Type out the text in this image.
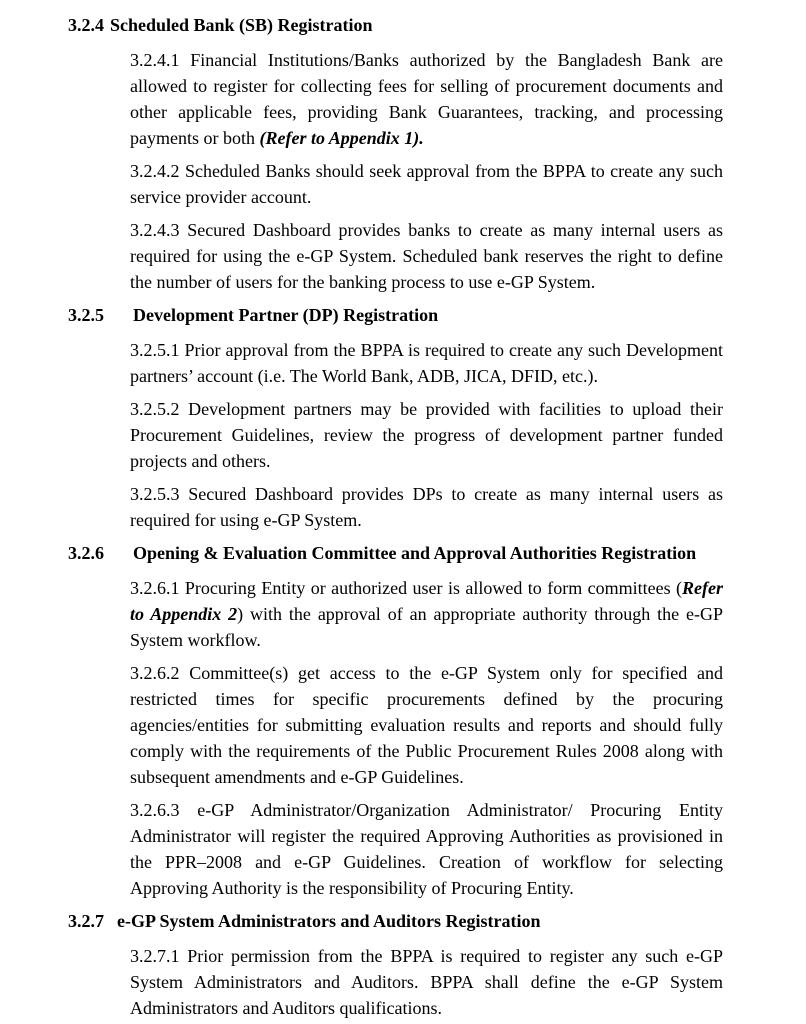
3.2.4 Scheduled Bank (SB) Registration

3.2.4.1 Financial Institutions/Banks authorized by the Bangladesh Bank are allowed to register for collecting fees for selling of procurement documents and other applicable fees, providing Bank Guarantees, tracking, and processing payments or both (Refer to Appendix 1).

3.2.4.2 Scheduled Banks should seek approval from the BPPA to create any such service provider account.

3.2.4.3 Secured Dashboard provides banks to create as many internal users as required for using the e-GP System. Scheduled bank reserves the right to define the number of users for the banking process to use e-GP System.

3.2.5 Development Partner (DP) Registration

3.2.5.1 Prior approval from the BPPA is required to create any such Development partners’ account (i.e. The World Bank, ADB, JICA, DFID, etc.).

3.2.5.2 Development partners may be provided with facilities to upload their Procurement Guidelines, review the progress of development partner funded projects and others.

3.2.5.3 Secured Dashboard provides DPs to create as many internal users as required for using e-GP System.

3.2.6 Opening & Evaluation Committee and Approval Authorities Registration

3.2.6.1 Procuring Entity or authorized user is allowed to form committees (Refer to Appendix 2) with the approval of an appropriate authority through the e-GP System workflow.

3.2.6.2 Committee(s) get access to the e-GP System only for specified and restricted times for specific procurements defined by the procuring agencies/entities for submitting evaluation results and reports and should fully comply with the requirements of the Public Procurement Rules 2008 along with subsequent amendments and e-GP Guidelines.

3.2.6.3 e-GP Administrator/Organization Administrator/ Procuring Entity Administrator will register the required Approving Authorities as provisioned in the PPR–2008 and e-GP Guidelines. Creation of workflow for selecting Approving Authority is the responsibility of Procuring Entity.

3.2.7 e-GP System Administrators and Auditors Registration

3.2.7.1 Prior permission from the BPPA is required to register any such e-GP System Administrators and Auditors. BPPA shall define the e-GP System Administrators and Auditors qualifications.
